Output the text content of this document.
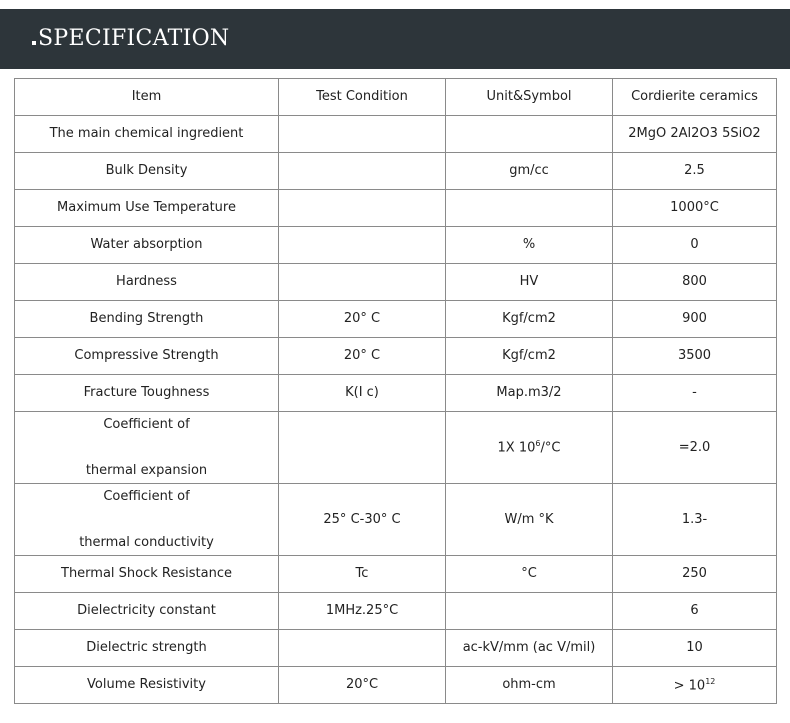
SPECIFICATION
Item	Test Condition	Unit&Symbol	Cordierite ceramics
The main chemical ingredient			2MgO 2Al2O3 5SiO2
Bulk Density		gm/cc	2.5
Maximum Use Temperature			1000°C
Water absorption		%	0
Hardness		HV	800
Bending Strength	20° C	Kgf/cm2	900
Compressive Strength	20° C	Kgf/cm2	3500
Fracture Toughness	K(I c)	Map.m3/2	-

Coefficient of
thermal expansion		1X $10^6/^\circ C$	=2.0

Coefficient of
thermal conductivity	25° C-30° C	W/m °K	1.3-
Thermal Shock Resistance	Tc	°C	250
Dielectricity constant	1MHz.25°C		6
Dielectric strength		ac-kV/mm (ac V/mil)	10
Volume Resistivity	20°C	ohm-cm	> $10^{12}$
